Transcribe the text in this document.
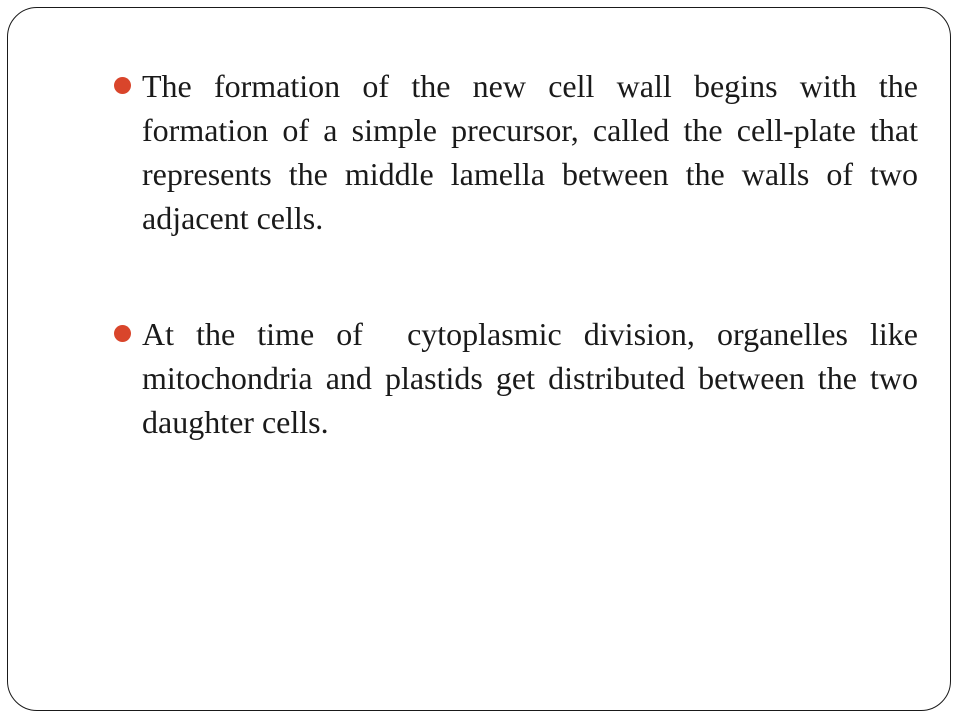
The formation of the new cell wall begins with the formation of a simple precursor, called the cell-plate that represents the middle lamella between the walls of two adjacent cells.
At the time of  cytoplasmic division, organelles like mitochondria and plastids get distributed between the two daughter cells.
